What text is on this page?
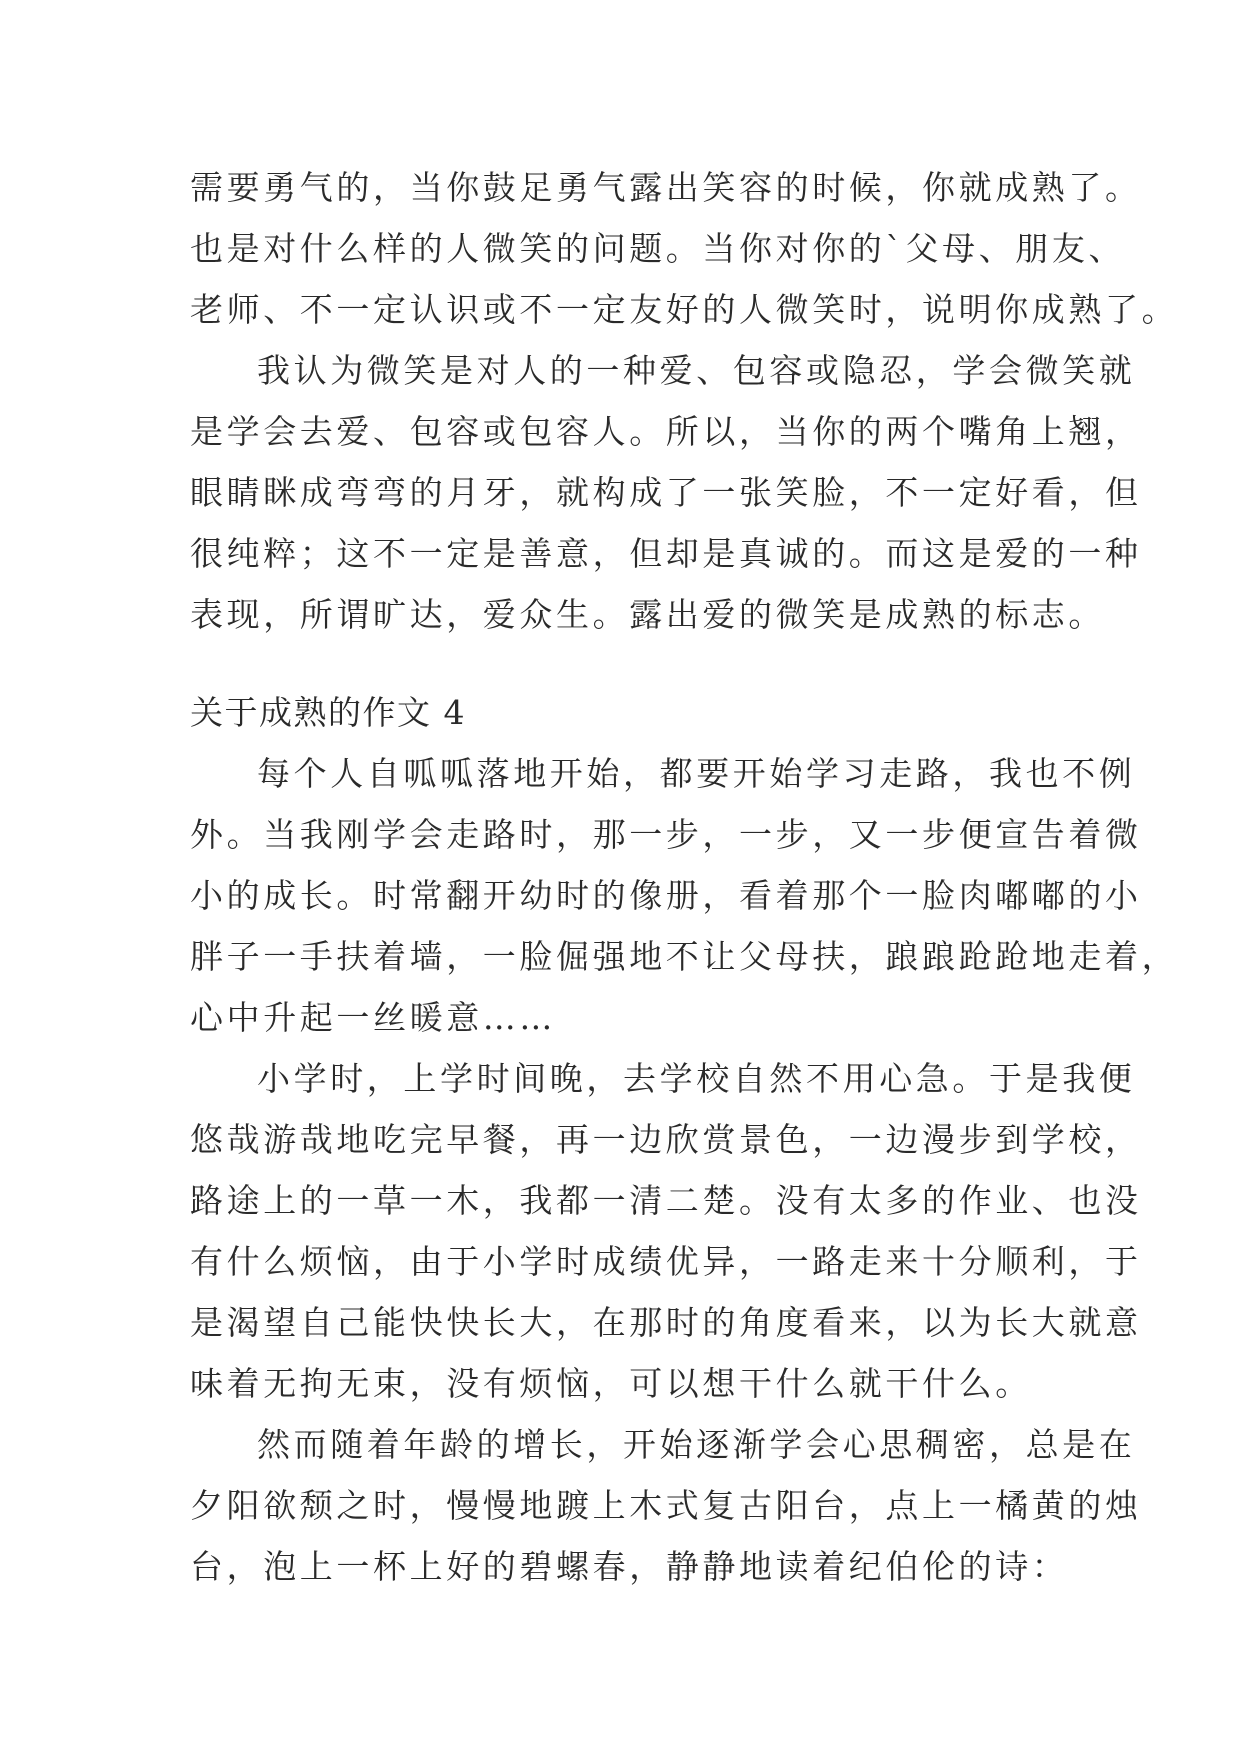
需要勇气的，当你鼓足勇气露出笑容的时候，你就成熟了。
也是对什么样的人微笑的问题。当你对你的`父母、朋友、
老师、不一定认识或不一定友好的人微笑时，说明你成熟了。
我认为微笑是对人的一种爱、包容或隐忍，学会微笑就
是学会去爱、包容或包容人。所以，当你的两个嘴角上翘，
眼睛眯成弯弯的月牙，就构成了一张笑脸，不一定好看，但
很纯粹；这不一定是善意，但却是真诚的。而这是爱的一种
表现，所谓旷达，爱众生。露出爱的微笑是成熟的标志。
关于成熟的作文 4
每个人自呱呱落地开始，都要开始学习走路，我也不例
外。当我刚学会走路时，那一步，一步，又一步便宣告着微
小的成长。时常翻开幼时的像册，看着那个一脸肉嘟嘟的小
胖子一手扶着墙，一脸倔强地不让父母扶，踉踉跄跄地走着，
心中升起一丝暖意……
小学时，上学时间晚，去学校自然不用心急。于是我便
悠哉游哉地吃完早餐，再一边欣赏景色，一边漫步到学校，
路途上的一草一木，我都一清二楚。没有太多的作业、也没
有什么烦恼，由于小学时成绩优异，一路走来十分顺利，于
是渴望自己能快快长大，在那时的角度看来，以为长大就意
味着无拘无束，没有烦恼，可以想干什么就干什么。
然而随着年龄的增长，开始逐渐学会心思稠密，总是在
夕阳欲颓之时，慢慢地踱上木式复古阳台，点上一橘黄的烛
台，泡上一杯上好的碧螺春，静静地读着纪伯伦的诗：
